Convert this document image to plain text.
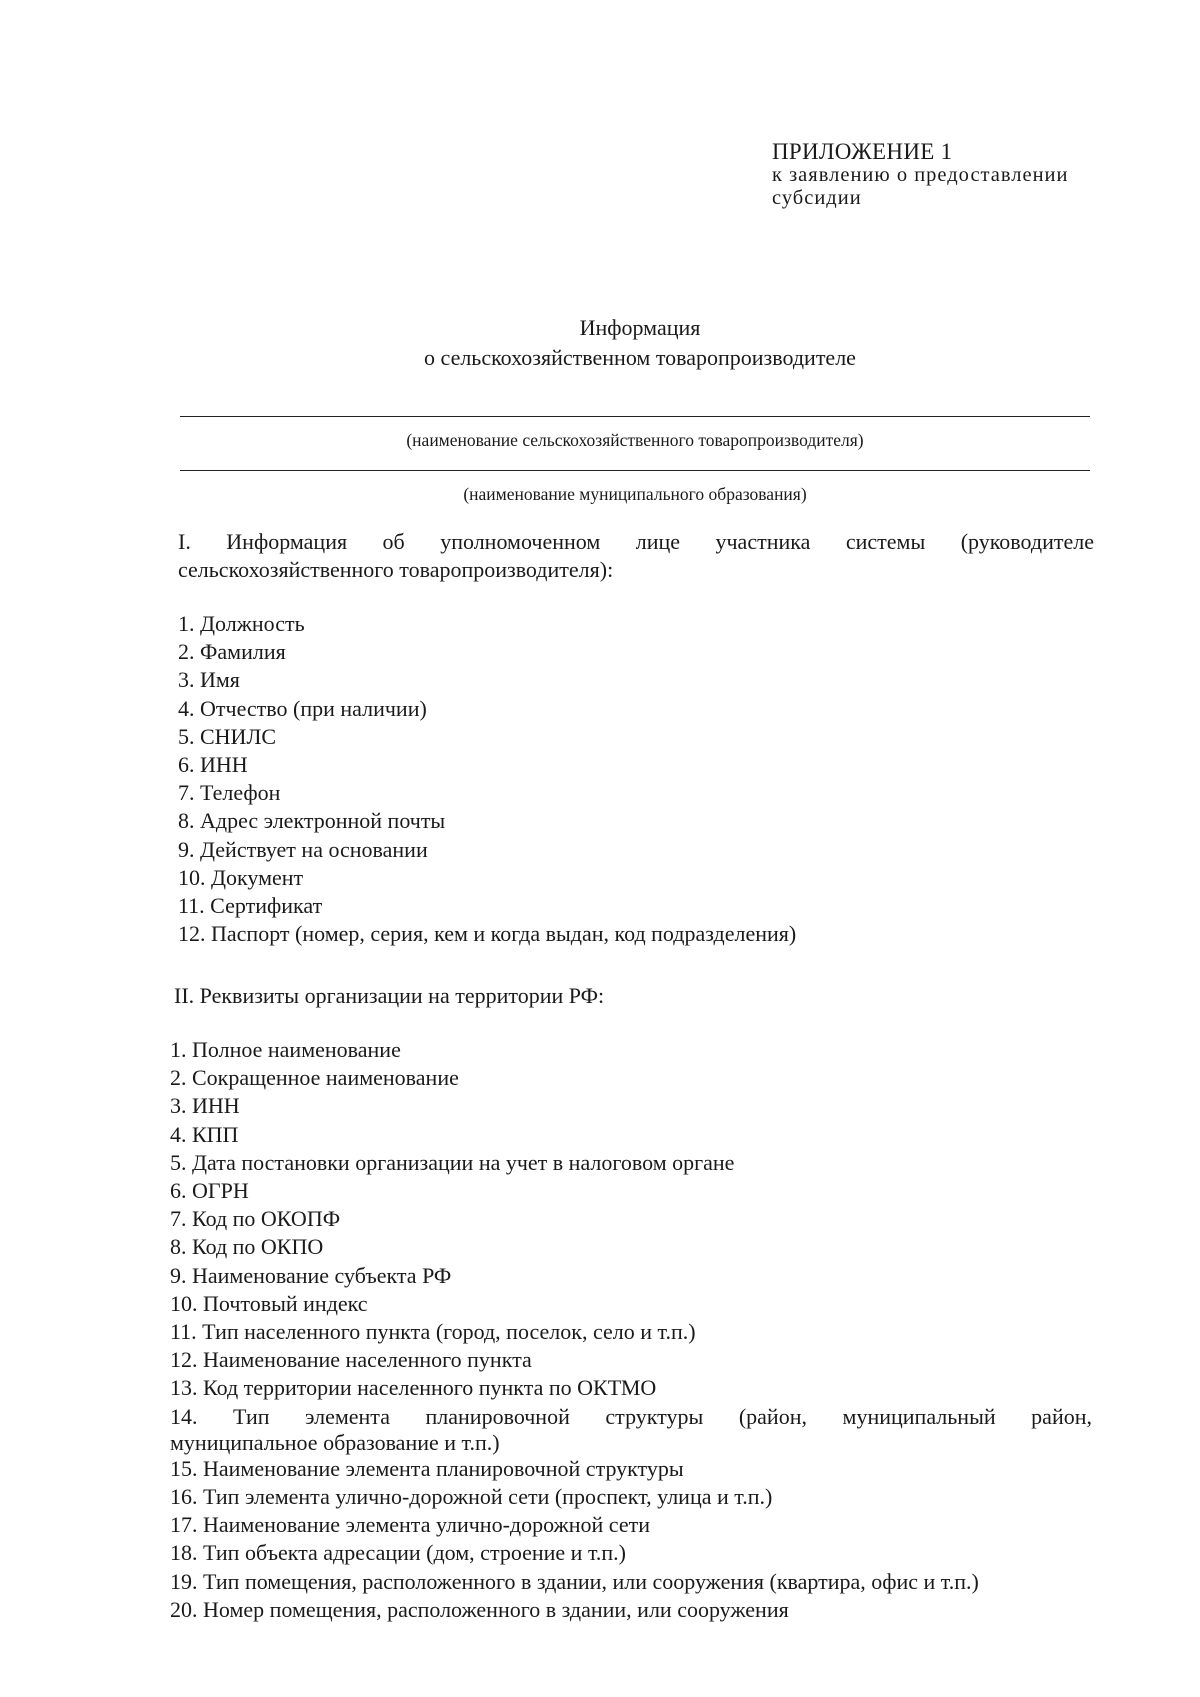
ПРИЛОЖЕНИЕ 1
к заявлению о предоставлении
субсидии
Информация
о сельскохозяйственном товаропроизводителе
(наименование сельскохозяйственного товаропроизводителя)
(наименование муниципального образования)
I. Информация об уполномоченном лице участника системы (руководителе
сельскохозяйственного товаропроизводителя):
1. Должность
2. Фамилия
3. Имя
4. Отчество (при наличии)
5. СНИЛС
6. ИНН
7. Телефон
8. Адрес электронной почты
9. Действует на основании
10. Документ
11. Сертификат
12. Паспорт (номер, серия, кем и когда выдан, код подразделения)
II. Реквизиты организации на территории РФ:
1. Полное наименование
2. Сокращенное наименование
3. ИНН
4. КПП
5. Дата постановки организации на учет в налоговом органе
6. ОГРН
7. Код по ОКОПФ
8. Код по ОКПО
9. Наименование субъекта РФ
10. Почтовый индекс
11. Тип населенного пункта (город, поселок, село и т.п.)
12. Наименование населенного пункта
13. Код территории населенного пункта по ОКТМО
14. Тип элемента планировочной структуры (район, муниципальный район,
муниципальное образование и т.п.)
15. Наименование элемента планировочной структуры
16. Тип элемента улично-дорожной сети (проспект, улица и т.п.)
17. Наименование элемента улично-дорожной сети
18. Тип объекта адресации (дом, строение и т.п.)
19. Тип помещения, расположенного в здании, или сооружения (квартира, офис и т.п.)
20. Номер помещения, расположенного в здании, или сооружения
